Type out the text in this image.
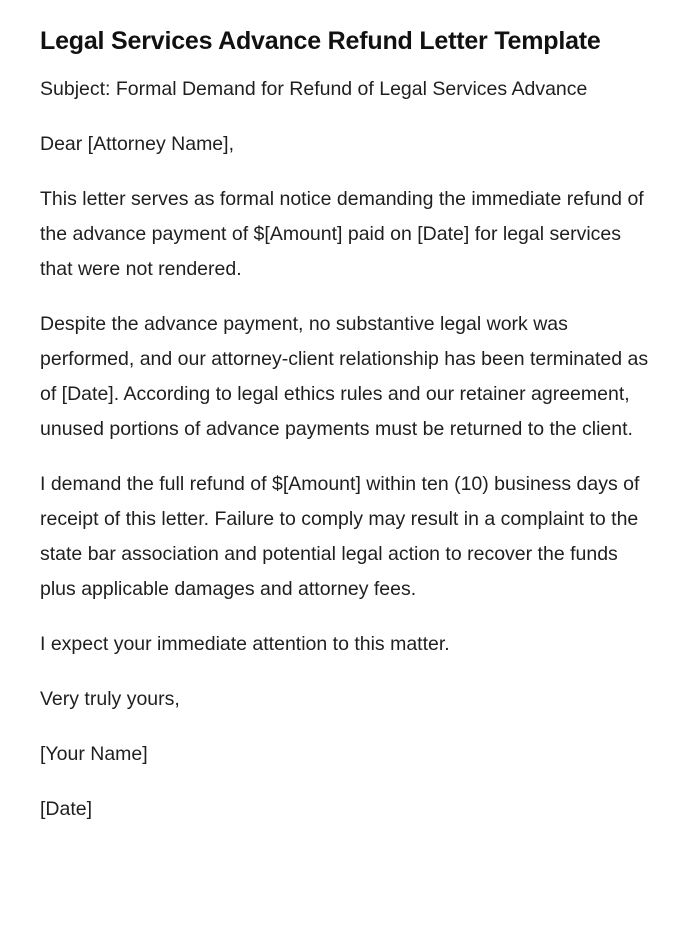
Legal Services Advance Refund Letter Template

Subject: Formal Demand for Refund of Legal Services Advance

Dear [Attorney Name],

This letter serves as formal notice demanding the immediate refund of the advance payment of $[Amount] paid on [Date] for legal services that were not rendered.

Despite the advance payment, no substantive legal work was performed, and our attorney-client relationship has been terminated as of [Date]. According to legal ethics rules and our retainer agreement, unused portions of advance payments must be returned to the client.

I demand the full refund of $[Amount] within ten (10) business days of receipt of this letter. Failure to comply may result in a complaint to the state bar association and potential legal action to recover the funds plus applicable damages and attorney fees.

I expect your immediate attention to this matter.

Very truly yours,

[Your Name]

[Date]
